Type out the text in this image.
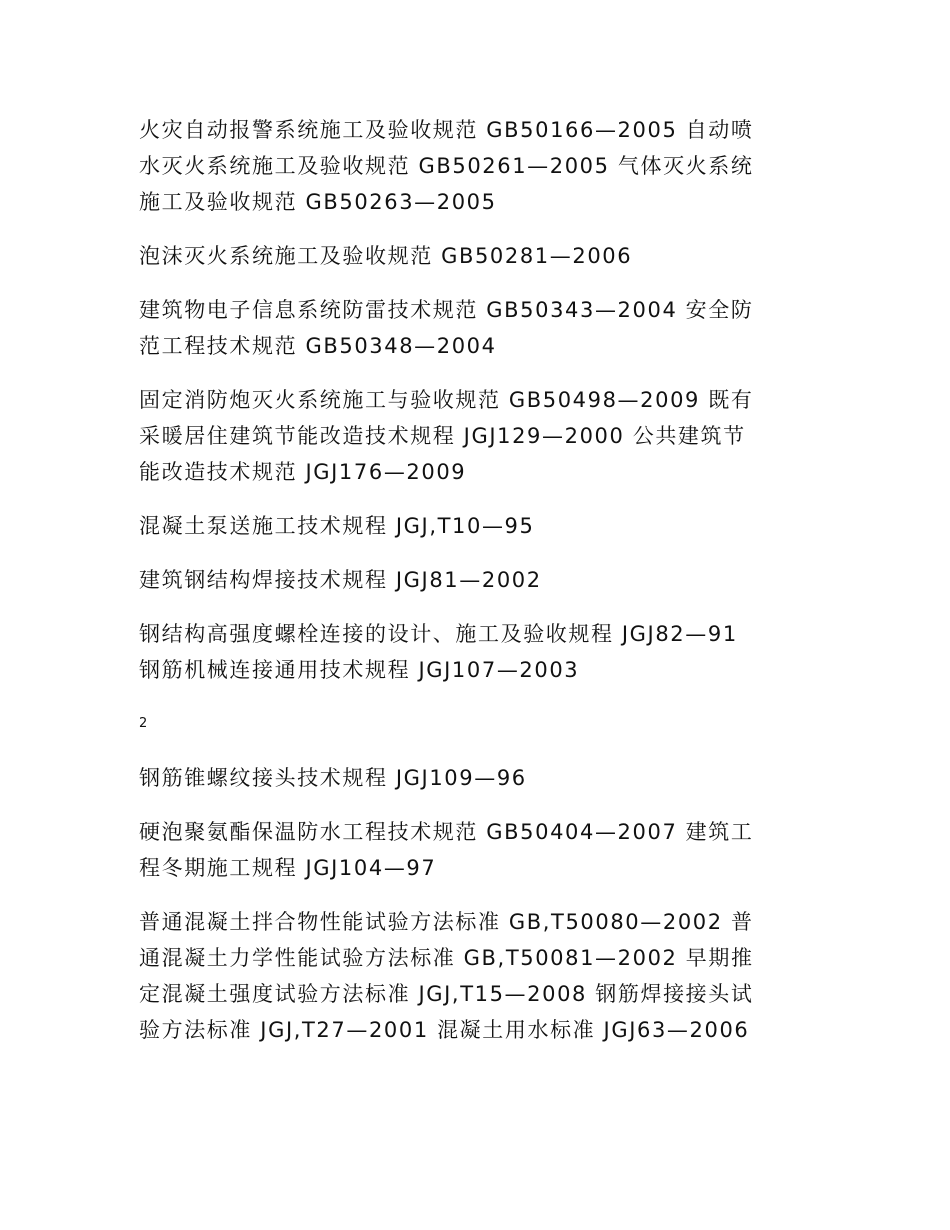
火灾自动报警系统施工及验收规范 GB50166—2005 自动喷
水灭火系统施工及验收规范 GB50261—2005 气体灭火系统
施工及验收规范 GB50263—2005

泡沫灭火系统施工及验收规范 GB50281—2006

建筑物电子信息系统防雷技术规范 GB50343—2004 安全防
范工程技术规范 GB50348—2004

固定消防炮灭火系统施工与验收规范 GB50498—2009 既有
采暖居住建筑节能改造技术规程 JGJ129—2000 公共建筑节
能改造技术规范 JGJ176—2009

混凝土泵送施工技术规程 JGJ,T10—95

建筑钢结构焊接技术规程 JGJ81—2002

钢结构高强度螺栓连接的设计、施工及验收规程 JGJ82—91
钢筋机械连接通用技术规程 JGJ107—2003

2

钢筋锥螺纹接头技术规程 JGJ109—96

硬泡聚氨酯保温防水工程技术规范 GB50404—2007 建筑工
程冬期施工规程 JGJ104—97

普通混凝土拌合物性能试验方法标准 GB,T50080—2002 普
通混凝土力学性能试验方法标准 GB,T50081—2002 早期推
定混凝土强度试验方法标准 JGJ,T15—2008 钢筋焊接接头试
验方法标准 JGJ,T27—2001 混凝土用水标准 JGJ63—2006
